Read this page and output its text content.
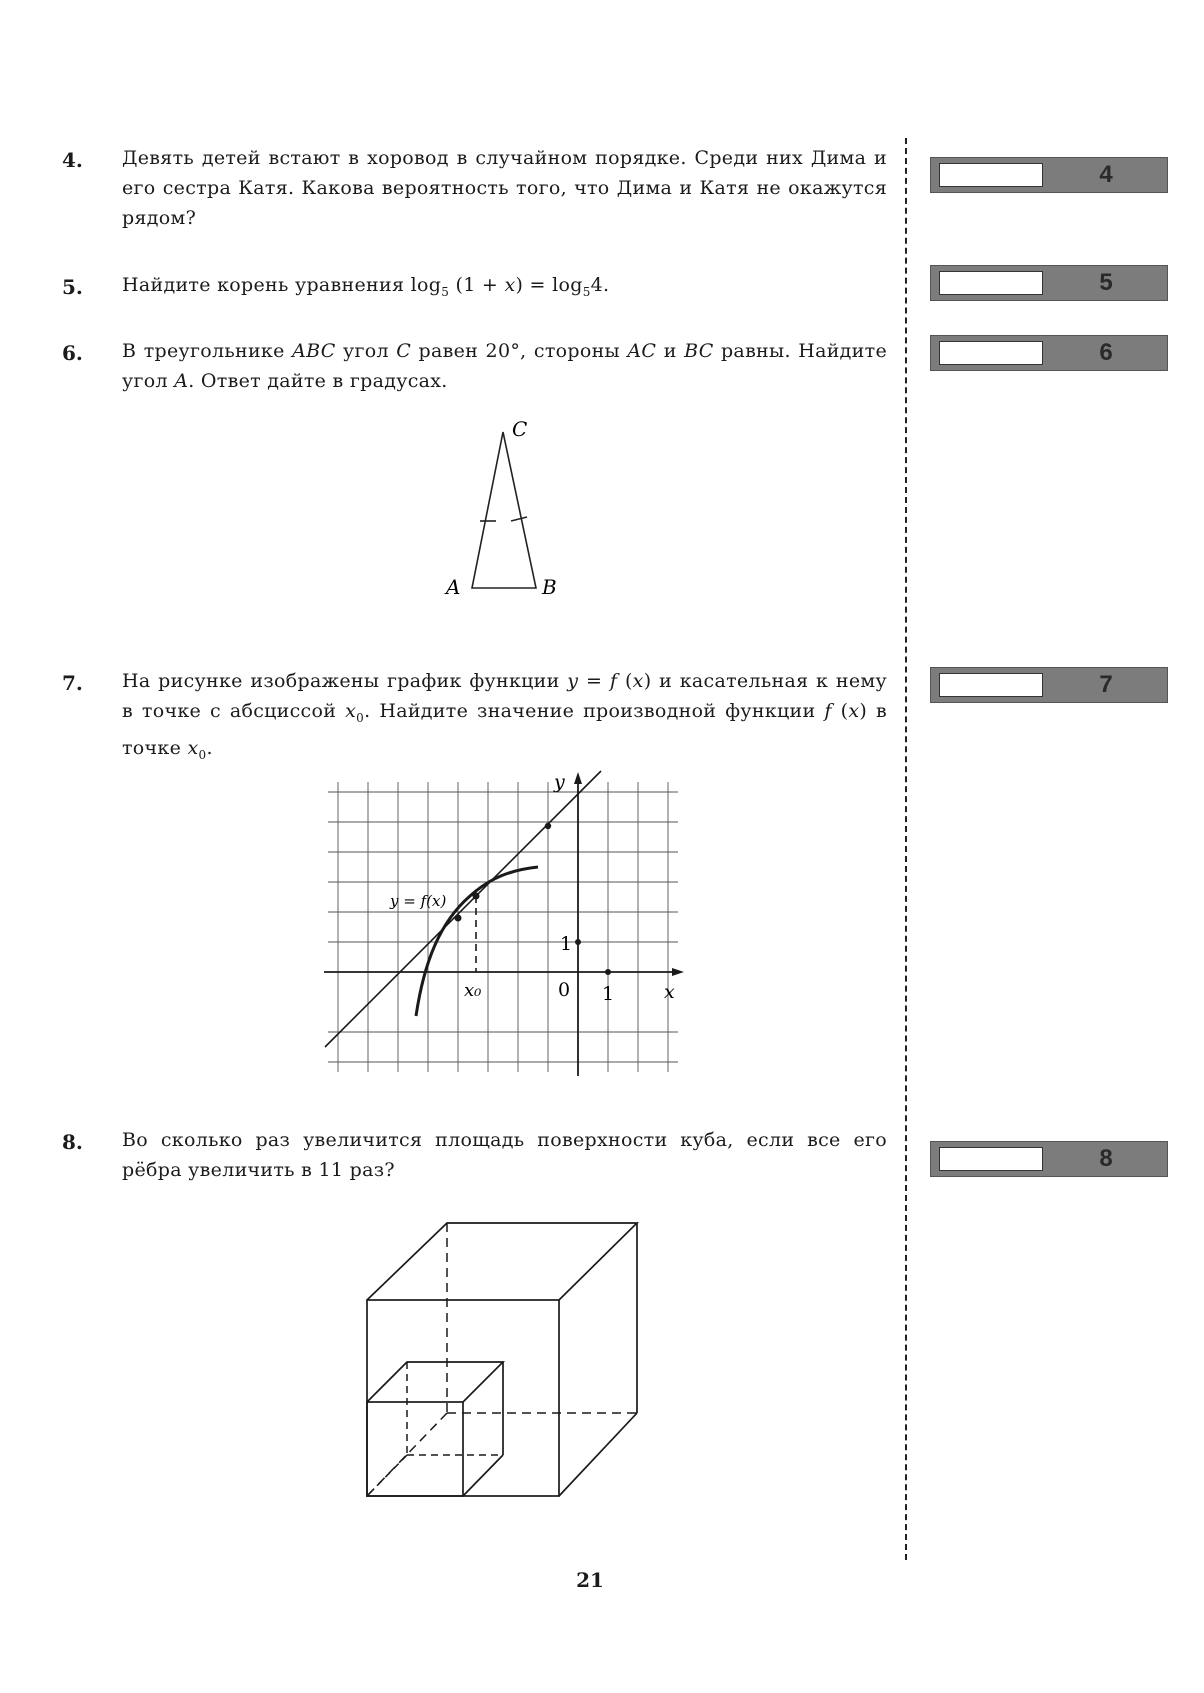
4. Девять детей встают в хоровод в случайном порядке. Среди них Дима и его сестра Катя. Какова вероятность того, что Дима и Катя не окажутся рядом?
5. Найдите корень уравнения $\log_5 (1 + x) = \log_54$.
6. В треугольнике ABC угол C равен 20°, стороны AC и BC равны. Найдите угол A. Ответ дайте в градусах.
C
A	B
7. На рисунке изображены график функции y = f (x) и касательная к нему в точке с абсциссой $x_0$. Найдите значение производной функции f (x) в точке $x_0$.
y
x
x₀	0 1
1
y = f(x)
8. Во сколько раз увеличится площадь поверхности куба, если все его рёбра увеличить в 11 раз?
4
5
6
7
8
21
